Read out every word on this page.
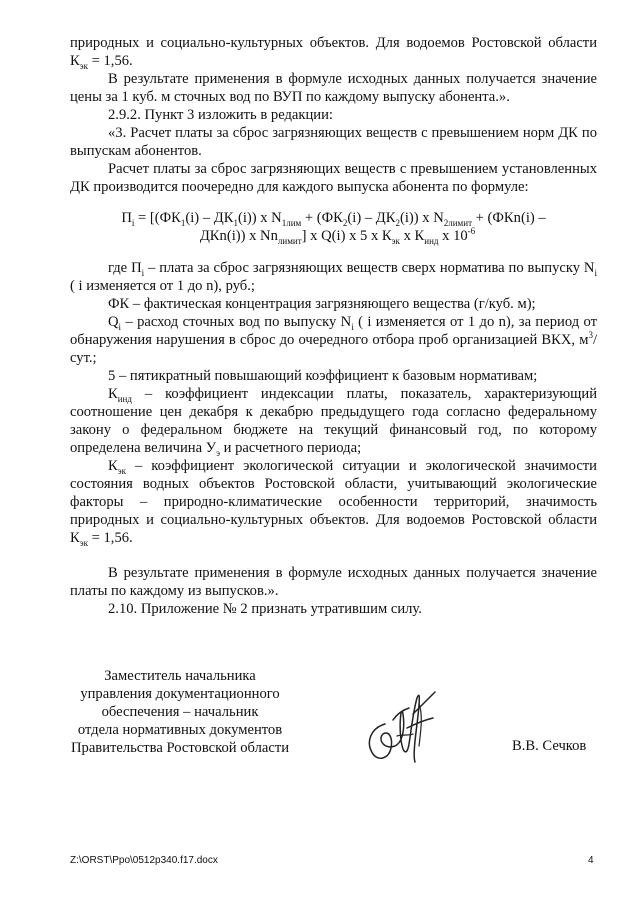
природных и социально-культурных объектов. Для водоемов Ростовской области $К_{эк} = 1,56$.

В результате применения в формуле исходных данных получается значение цены за 1 куб. м сточных вод по ВУП по каждому выпуску абонента.».

2.9.2. Пункт 3 изложить в редакции:

«3. Расчет платы за сброс загрязняющих веществ с превышением норм ДК по выпускам абонентов.

Расчет платы за сброс загрязняющих веществ с превышением установленных ДК производится поочередно для каждого выпуска абонента по формуле:

$П_i = [(ФК_1(i) - ДК_1(i))$ x $N_{1лим} + (ФК_2(i) - ДК_2(i))$ x $N_{2лимит} + (ФКn(i)$ –
ДКn(i)) x $Nn_{лимит}$] x Q(i) x 5 x $К_{эк}$ x $К_{инд}$ x $10^{-6}$

где $П_i$ – плата за сброс загрязняющих веществ сверх норматива по выпуску $N_i$ ( i изменяется от 1 до n), руб.;

ФК – фактическая концентрация загрязняющего вещества (г/куб. м);

$Q_i$ – расход сточных вод по выпуску $N_i$ ( i изменяется от 1 до n), за период от обнаружения нарушения в сброс до очередного отбора проб организацией ВКХ, $м^3$/сут.;

5 – пятикратный повышающий коэффициент к базовым нормативам;

$К_{инд}$ – коэффициент индексации платы, показатель, характеризующий соотношение цен декабря к декабрю предыдущего года согласно федеральному закону о федеральном бюджете на текущий финансовый год, по которому определена величина $У_э$ и расчетного периода;

$К_{эк}$ – коэффициент экологической ситуации и экологической значимости состояния водных объектов Ростовской области, учитывающий экологические факторы – природно-климатические особенности территорий, значимость природных и социально-культурных объектов. Для водоемов Ростовской области $К_{эк} = 1,56$.

В результате применения в формуле исходных данных получается значение платы по каждому из выпусков.».

2.10. Приложение № 2 признать утратившим силу.

Заместитель начальника
управления документационного
обеспечения – начальник
отдела нормативных документов
Правительства Ростовской области	В.В. Сечков
Z:\ORST\Ppo\0512p340.f17.docx	4
